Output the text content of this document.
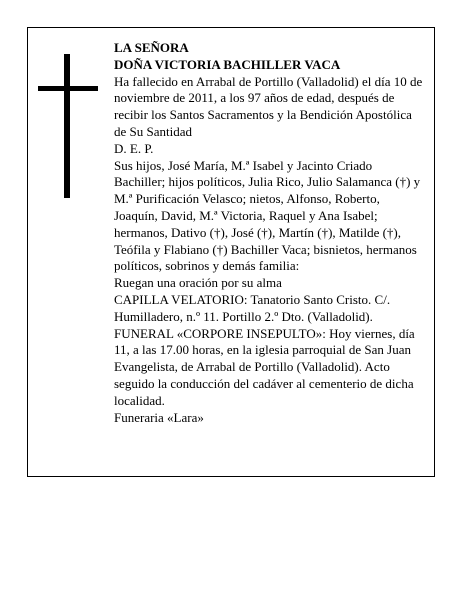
LA SEÑORA

DOÑA VICTORIA BACHILLER VACA

Ha fallecido en Arrabal de Portillo (Valladolid) el día 10 de noviembre de 2011, a los 97 años de edad, después de recibir los Santos Sacramentos y la Bendición Apostólica de Su Santidad

D. E. P.

Sus hijos, José María, M.ª Isabel y Jacinto Criado Bachiller; hijos políticos, Julia Rico, Julio Salamanca (†) y M.ª Purificación Velasco; nietos, Alfonso, Roberto, Joaquín, David, M.ª Victoria, Raquel y Ana Isabel; hermanos, Dativo (†), José (†), Martín (†), Matilde (†), Teófila y Flabiano (†) Bachiller Vaca; bisnietos, hermanos políticos, sobrinos y demás familia:

Ruegan una oración por su alma

CAPILLA VELATORIO: Tanatorio Santo Cristo. C/. Humilladero, n.º 11. Portillo 2.º Dto. (Valladolid).

FUNERAL «CORPORE INSEPULTO»: Hoy viernes, día 11, a las 17.00 horas, en la iglesia parroquial de San Juan Evangelista, de Arrabal de Portillo (Valladolid). Acto seguido la conducción del cadáver al cementerio de dicha localidad.

Funeraria «Lara»
